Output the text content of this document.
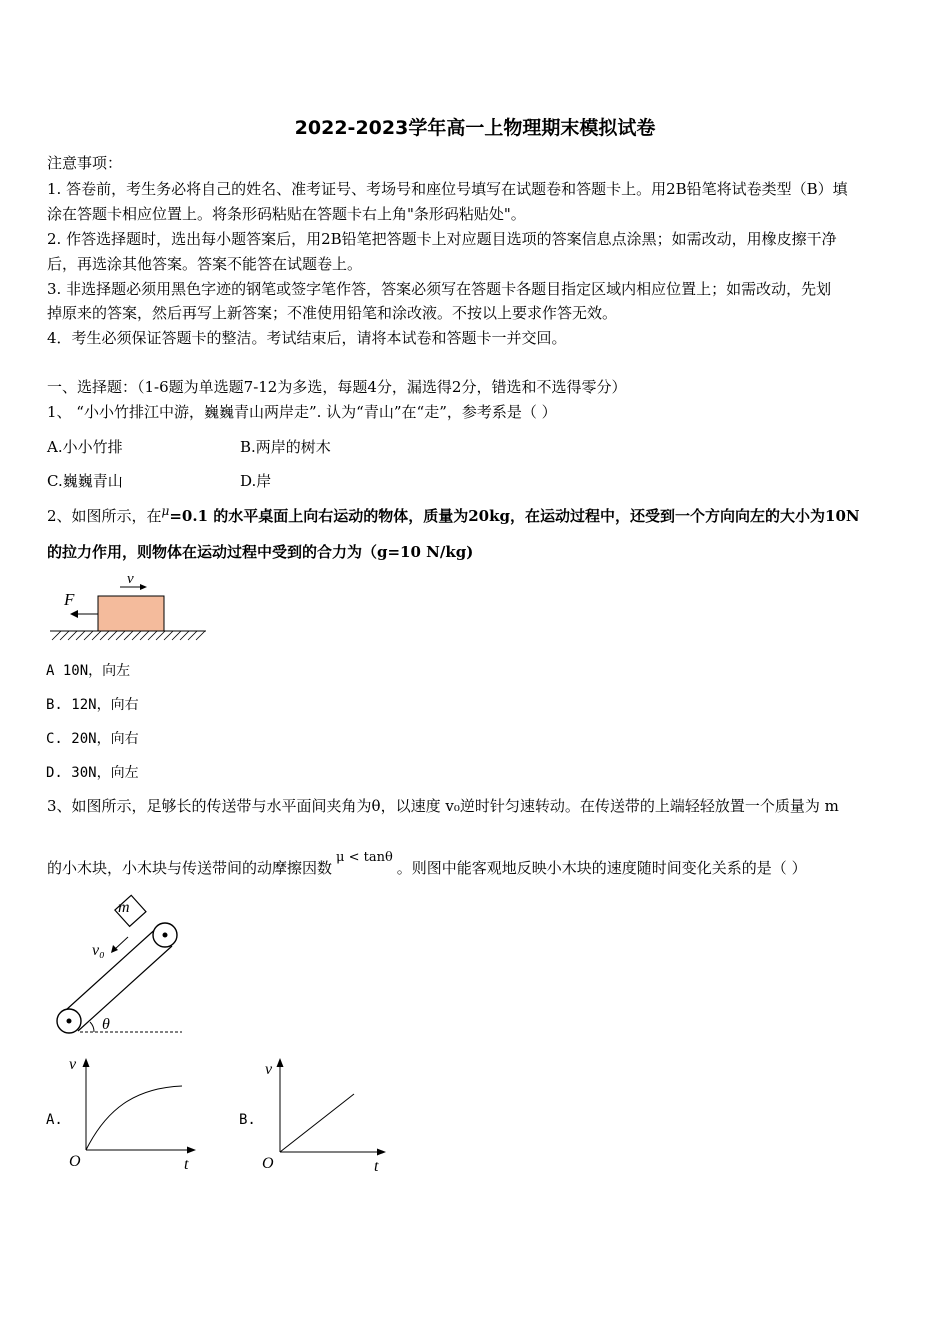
2022-2023学年高一上物理期末模拟试卷
注意事项：
1. 答卷前，考生务必将自己的姓名、准考证号、考场号和座位号填写在试题卷和答题卡上。用2B铅笔将试卷类型（B）填
涂在答题卡相应位置上。将条形码粘贴在答题卡右上角"条形码粘贴处"。
2. 作答选择题时，选出每小题答案后，用2B铅笔把答题卡上对应题目选项的答案信息点涂黑；如需改动，用橡皮擦干净
后，再选涂其他答案。答案不能答在试题卷上。
3. 非选择题必须用黑色字迹的钢笔或签字笔作答，答案必须写在答题卡各题目指定区域内相应位置上；如需改动，先划
掉原来的答案，然后再写上新答案；不准使用铅笔和涂改液。不按以上要求作答无效。
4．考生必须保证答题卡的整洁。考试结束后，请将本试卷和答题卡一并交回。
一、选择题：（1-6题为单选题7-12为多选，每题4分，漏选得2分，错选和不选得零分）
1、 “小小竹排江中游，巍巍青山两岸走”. 认为“青山”在“走”，参考系是（ ）
A.小小竹排	B.两岸的树木
C.巍巍青山	D.岸
2、如图所示，在$^\mu$=0.1 的水平桌面上向右运动的物体，质量为20kg，在运动过程中，还受到一个方向向左的大小为10N
的拉力作用，则物体在运动过程中受到的合力为（g=10 N/kg)
F
v
A 10N，向左
B. 12N，向右
C. 20N，向右
D. 30N，向左
3、如图所示，足够长的传送带与水平面间夹角为θ，以速度 v₀逆时针匀速转动。在传送带的上端轻轻放置一个质量为 m
的小木块，小木块与传送带间的动摩擦因数μ < tanθ。则图中能客观地反映小木块的速度随时间变化关系的是（ ）
m
v₀
θ
A.
v
t
O
B.
v
t
O
